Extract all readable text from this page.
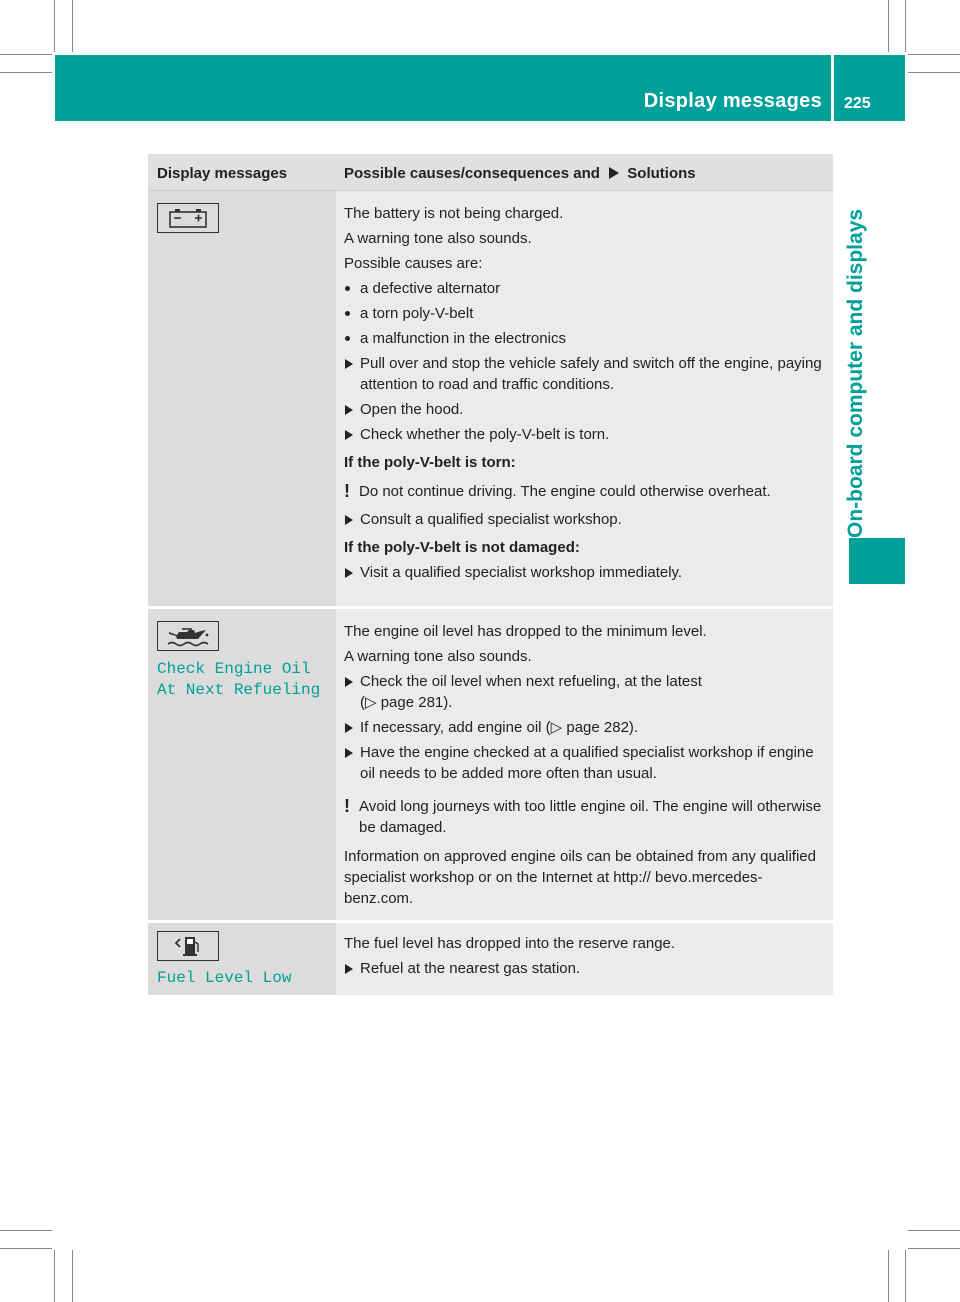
Display messages 225
On-board computer and displays
Display messages	Possible causes/consequences and Solutions

The battery is not being charged.

A warning tone also sounds.

Possible causes are:

a defective alternator

a torn poly-V-belt

a malfunction in the electronics

Pull over and stop the vehicle safely and switch off the engine, paying attention to road and traffic conditions.

Open the hood.

Check whether the poly-V-belt is torn.

If the poly-V-belt is torn:

! Do not continue driving. The engine could otherwise overheat.

Consult a qualified specialist workshop.

If the poly-V-belt is not damaged:

Visit a qualified specialist workshop immediately.

Check Engine Oil
At Next Refueling

The engine oil level has dropped to the minimum level.

A warning tone also sounds.

Check the oil level when next refueling, at the latest

(▷ page 281).

If necessary, add engine oil (▷ page 282).

Have the engine checked at a qualified specialist workshop if engine oil needs to be added more often than usual.

! Avoid long journeys with too little engine oil. The engine will otherwise be damaged.

Information on approved engine oils can be obtained from any qualified specialist workshop or on the Internet at http:// bevo.mercedes-benz.com.

Fuel Level Low

The fuel level has dropped into the reserve range.

Refuel at the nearest gas station.
